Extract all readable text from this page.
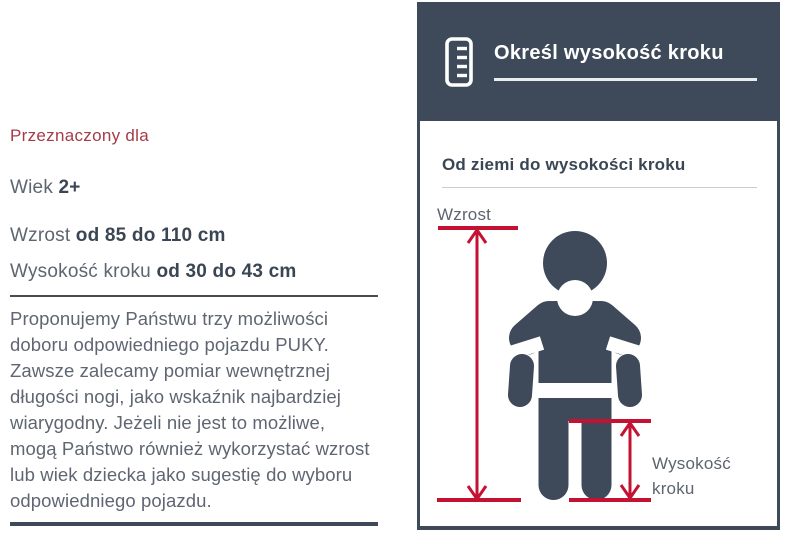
Przeznaczony dla
Wiek 2+
Wzrost od 85 do 110 cm
Wysokość kroku od 30 do 43 cm

Proponujemy Państwu trzy możliwości doboru odpowiedniego pojazdu PUKY. Zawsze zalecamy pomiar wewnętrznej długości nogi, jako wskaźnik najbardziej wiarygodny. Jeżeli nie jest to możliwe, mogą Państwo również wykorzystać wzrost lub wiek dziecka jako sugestię do wyboru odpowiedniego pojazdu.

Określ wysokość kroku
Od ziemi do wysokości kroku
Wzrost
Wysokość
kroku
